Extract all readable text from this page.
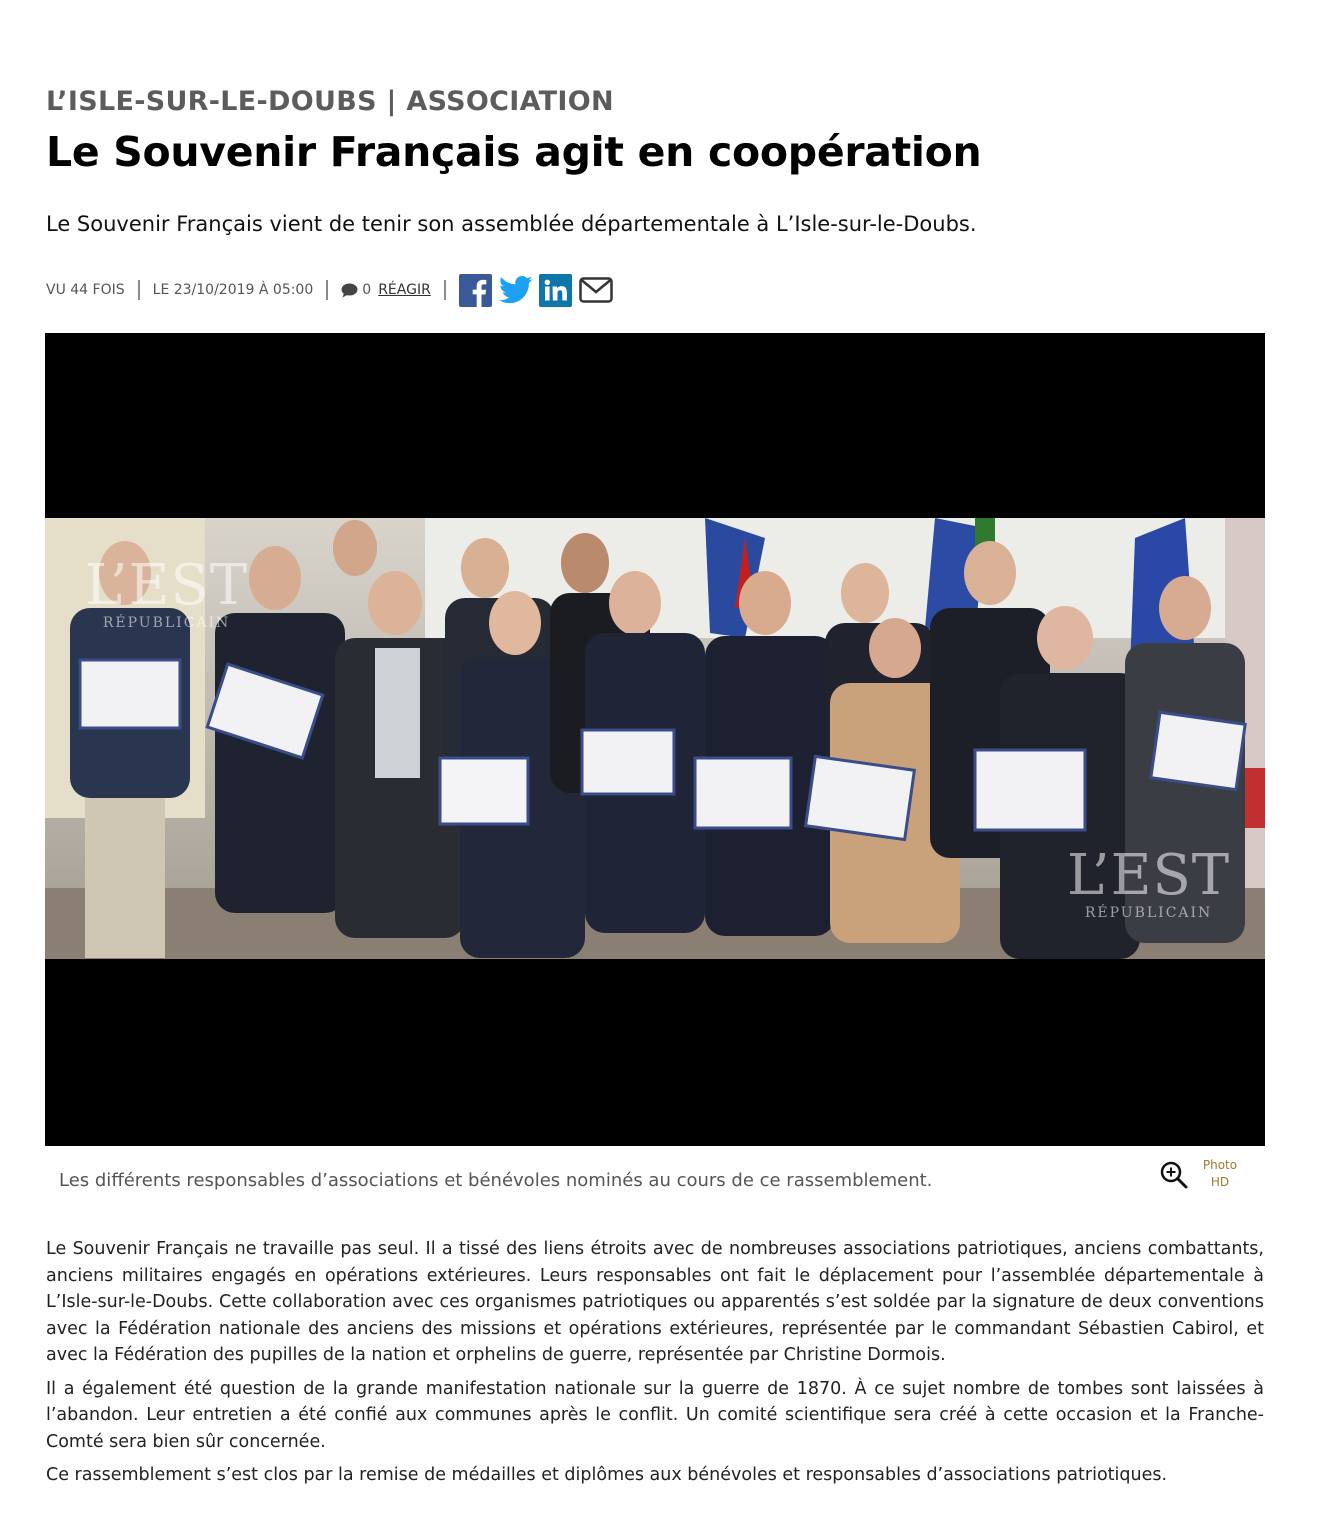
L’ISLE-SUR-LE-DOUBS | ASSOCIATION
Le Souvenir Français agit en coopération
Le Souvenir Français vient de tenir son assemblée départementale à L’Isle-sur-le-Doubs.
VU 44 FOIS LE 23/10/2019 À 05:00	0 RÉAGIR
L’EST
RÉPUBLICAIN
L’EST
RÉPUBLICAIN
Les différents responsables d’associations et bénévoles nominés au cours de ce rassemblement.
Photo
HD

Le Souvenir Français ne travaille pas seul. Il a tissé des liens étroits avec de nombreuses associations patriotiques, anciens combattants, anciens militaires engagés en opérations extérieures. Leurs responsables ont fait le déplacement pour l’assemblée départementale à L’Isle-sur-le-Doubs. Cette collaboration avec ces organismes patriotiques ou apparentés s’est soldée par la signature de deux conventions avec la Fédération nationale des anciens des missions et opérations extérieures, représentée par le commandant Sébastien Cabirol, et avec la Fédération des pupilles de la nation et orphelins de guerre, représentée par Christine Dormois.

Il a également été question de la grande manifestation nationale sur la guerre de 1870. À ce sujet nombre de tombes sont laissées à l’abandon. Leur entretien a été confié aux communes après le conflit. Un comité scientifique sera créé à cette occasion et la Franche-Comté sera bien sûr concernée.

Ce rassemblement s’est clos par la remise de médailles et diplômes aux bénévoles et responsables d’associations patriotiques.
